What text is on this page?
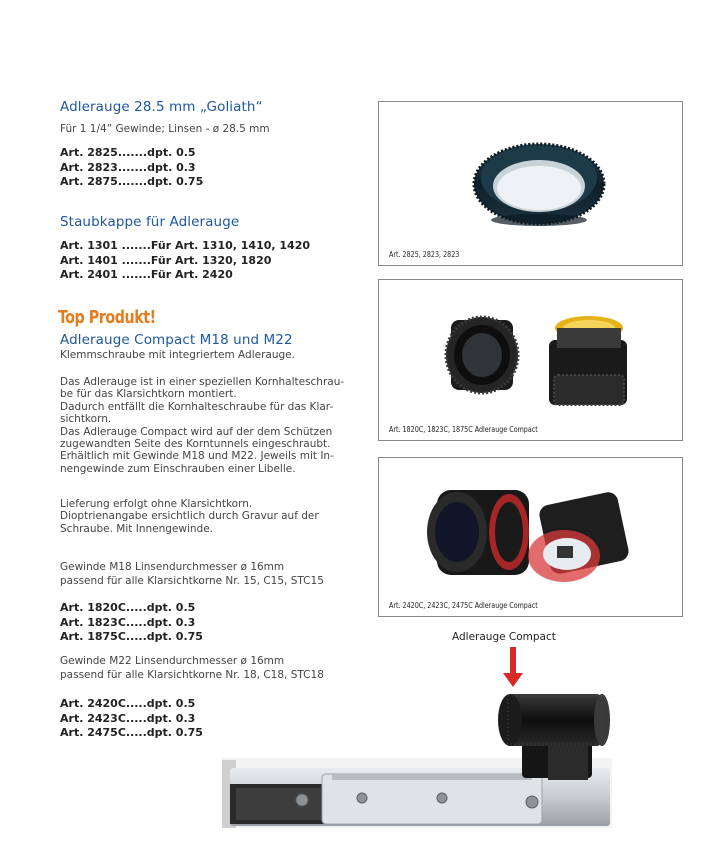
Adlerauge 28.5 mm „Goliath“
Für 1 1/4” Gewinde; Linsen - ø 28.5 mm
Art. 2825.......dpt. 0.5
Art. 2823.......dpt. 0.3
Art. 2875.......dpt. 0.75
Staubkappe für Adlerauge
Art. 1301 .......Für Art. 1310, 1410, 1420
Art. 1401 .......Für Art. 1320, 1820
Art. 2401 .......Für Art. 2420
Top Produkt!
Adlerauge Compact M18 und M22
Klemmschraube mit integriertem Adlerauge.
Das Adlerauge ist in einer speziellen Kornhalteschrau-
be für das Klarsichtkorn montiert.
Dadurch entfällt die Kornhalteschraube für das Klar-
sichtkorn.
Das Adlerauge Compact wird auf der dem Schützen
zugewandten Seite des Korntunnels eingeschraubt.
Erhältlich mit Gewinde M18 und M22. Jeweils mit In-
nengewinde zum Einschrauben einer Libelle.
Lieferung erfolgt ohne Klarsichtkorn.
Dioptrienangabe ersichtlich durch Gravur auf der
Schraube. Mit Innengewinde.
Gewinde M18 Linsendurchmesser ø 16mm
passend für alle Klarsichtkorne Nr. 15, C15, STC15
Art. 1820C.....dpt. 0.5
Art. 1823C.....dpt. 0.3
Art. 1875C.....dpt. 0.75
Gewinde M22 Linsendurchmesser ø 16mm
passend für alle Klarsichtkorne Nr. 18, C18, STC18
Art. 2420C.....dpt. 0.5
Art. 2423C.....dpt. 0.3
Art. 2475C.....dpt. 0.75
Art. 2825, 2823, 2823
Art. 1820C, 1823C, 1875C Adlerauge Compact
Art. 2420C, 2423C, 2475C Adlerauge Compact
Adlerauge Compact
